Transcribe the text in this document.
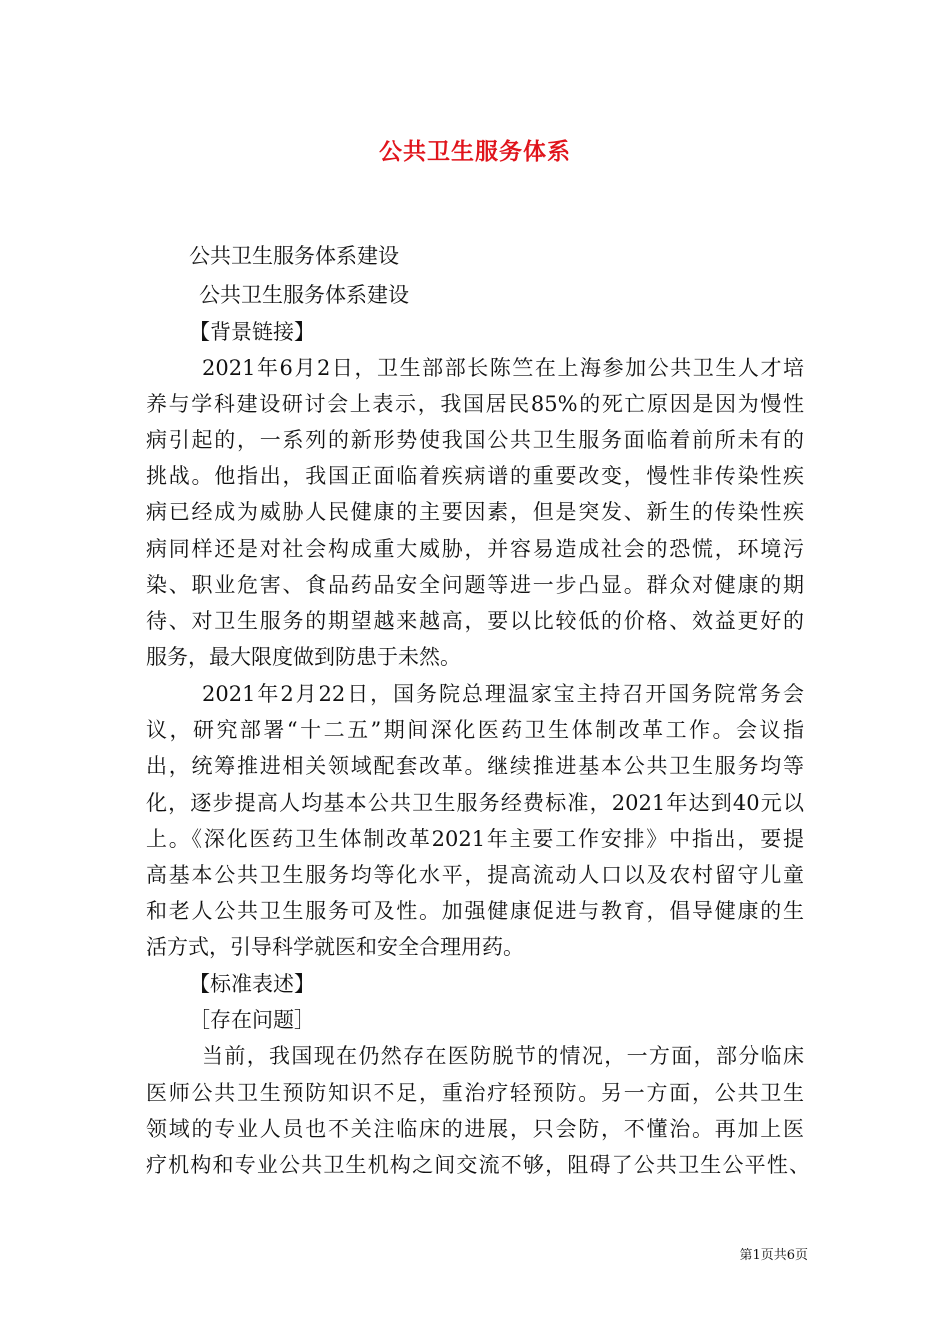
公共卫生服务体系
公共卫生服务体系建设
公共卫生服务体系建设
【背景链接】
2021年6月2日，卫生部部长陈竺在上海参加公共卫生人才培
养与学科建设研讨会上表示，我国居民85%的死亡原因是因为慢性
病引起的，一系列的新形势使我国公共卫生服务面临着前所未有的
挑战。他指出，我国正面临着疾病谱的重要改变，慢性非传染性疾
病已经成为威胁人民健康的主要因素，但是突发、新生的传染性疾
病同样还是对社会构成重大威胁，并容易造成社会的恐慌，环境污
染、职业危害、食品药品安全问题等进一步凸显。群众对健康的期
待、对卫生服务的期望越来越高，要以比较低的价格、效益更好的
服务，最大限度做到防患于未然。
2021年2月22日，国务院总理温家宝主持召开国务院常务会
议，研究部署“十二五”期间深化医药卫生体制改革工作。会议指
出，统筹推进相关领域配套改革。继续推进基本公共卫生服务均等
化，逐步提高人均基本公共卫生服务经费标准，2021年达到40元以
上。《深化医药卫生体制改革2021年主要工作安排》中指出，要提
高基本公共卫生服务均等化水平，提高流动人口以及农村留守儿童
和老人公共卫生服务可及性。加强健康促进与教育，倡导健康的生
活方式，引导科学就医和安全合理用药。
【标准表述】
［存在问题］
当前，我国现在仍然存在医防脱节的情况，一方面，部分临床
医师公共卫生预防知识不足，重治疗轻预防。另一方面，公共卫生
领域的专业人员也不关注临床的进展，只会防，不懂治。再加上医
疗机构和专业公共卫生机构之间交流不够，阻碍了公共卫生公平性、
第1页共6页
